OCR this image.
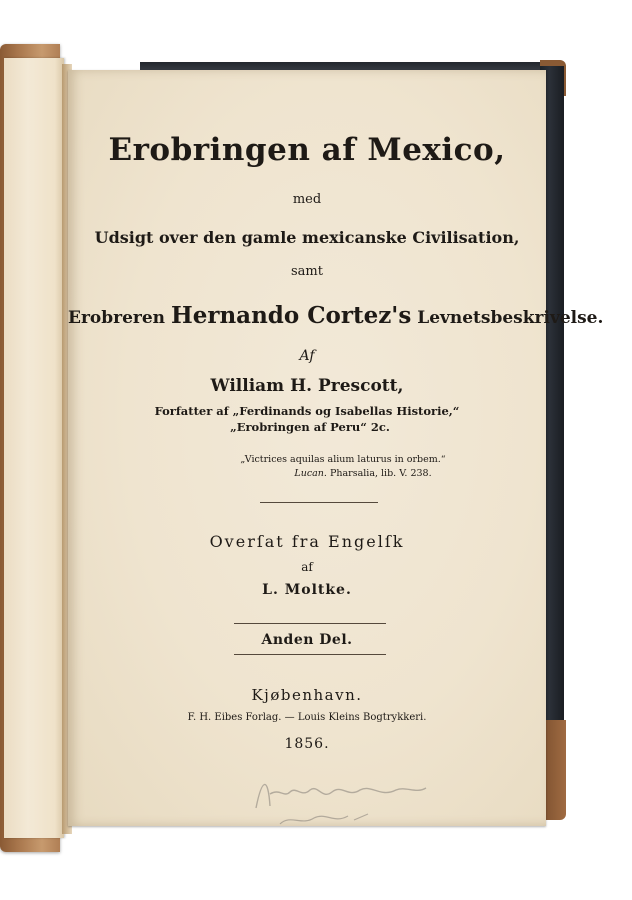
Erobringen af Mexico,
med
Udsigt over den gamle mexicanske Civilisation,
samt
Erobreren Hernando Cortez's Levnetsbeskrivelse.
Af
William H. Prescott,
Forfatter af „Ferdinands og Isabellas Historie,“
„Erobringen af Peru“ 2c.
„Victrices aquilas alium laturus in orbem.“
Lucan. Pharsalia, lib. V. 238.
Overſat fra Engelſk
af
L. Moltke.
Anden Del.
Kjøbenhavn.
F. H. Eibes Forlag. — Louis Kleins Bogtrykkeri.
1856.
